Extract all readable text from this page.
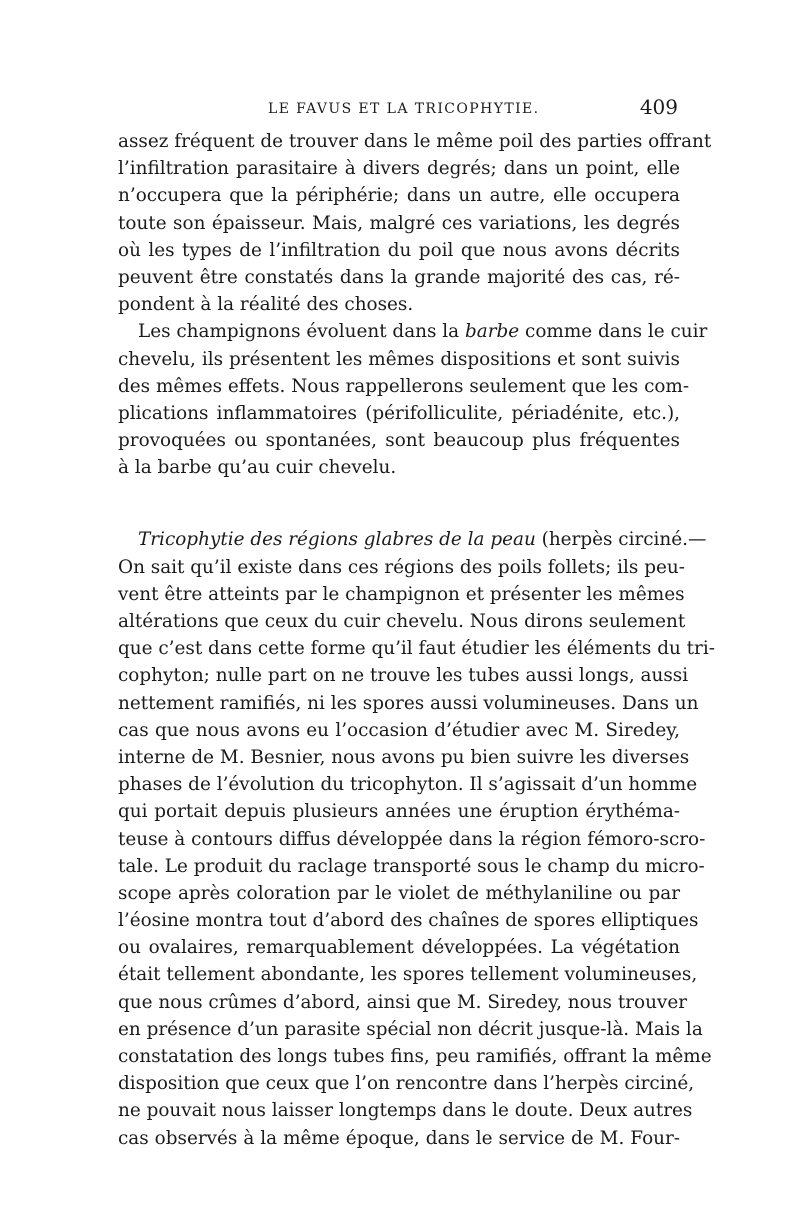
LE FAVUS ET LA TRICOPHYTIE.	409
assez fréquent de trouver dans le même poil des parties offrant
l’infiltration parasitaire à divers degrés; dans un point, elle
n’occupera que la périphérie; dans un autre, elle occupera
toute son épaisseur. Mais, malgré ces variations, les degrés
où les types de l’infiltration du poil que nous avons décrits
peuvent être constatés dans la grande majorité des cas, ré-
pondent à la réalité des choses.
Les champignons évoluent dans la barbe comme dans le cuir
chevelu, ils présentent les mêmes dispositions et sont suivis
des mêmes effets. Nous rappellerons seulement que les com-
plications inflammatoires (périfolliculite, périadénite, etc.),
provoquées ou spontanées, sont beaucoup plus fréquentes
à la barbe qu’au cuir chevelu.
Tricophytie des régions glabres de la peau (herpès circiné.—
On sait qu’il existe dans ces régions des poils follets; ils peu-
vent être atteints par le champignon et présenter les mêmes
altérations que ceux du cuir chevelu. Nous dirons seulement
que c’est dans cette forme qu’il faut étudier les éléments du tri-
cophyton; nulle part on ne trouve les tubes aussi longs, aussi
nettement ramifiés, ni les spores aussi volumineuses. Dans un
cas que nous avons eu l’occasion d’étudier avec M. Siredey,
interne de M. Besnier, nous avons pu bien suivre les diverses
phases de l’évolution du tricophyton. Il s’agissait d’un homme
qui portait depuis plusieurs années une éruption érythéma-
teuse à contours diffus développée dans la région fémoro-scro-
tale. Le produit du raclage transporté sous le champ du micro-
scope après coloration par le violet de méthylaniline ou par
l’éosine montra tout d’abord des chaînes de spores elliptiques
ou ovalaires, remarquablement développées. La végétation
était tellement abondante, les spores tellement volumineuses,
que nous crûmes d’abord, ainsi que M. Siredey, nous trouver
en présence d’un parasite spécial non décrit jusque-là. Mais la
constatation des longs tubes fins, peu ramifiés, offrant la même
disposition que ceux que l’on rencontre dans l’herpès circiné,
ne pouvait nous laisser longtemps dans le doute. Deux autres
cas observés à la même époque, dans le service de M. Four-
